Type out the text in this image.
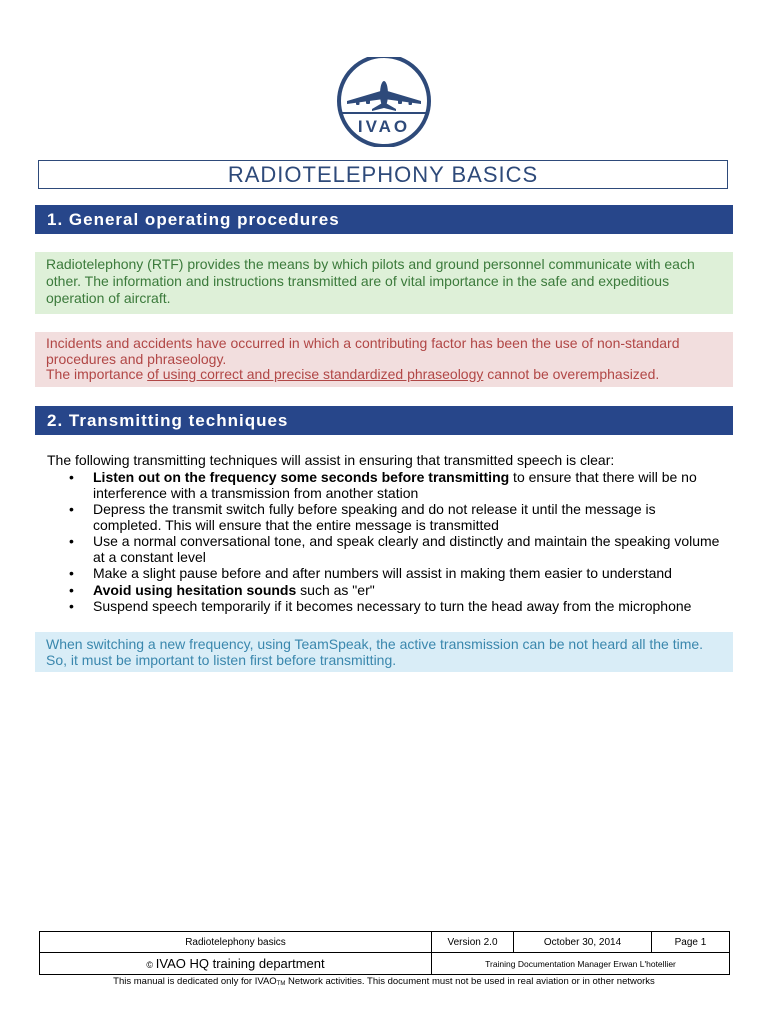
IVAO
RADIOTELEPHONY BASICS
1. General operating procedures
Radiotelephony (RTF) provides the means by which pilots and ground personnel communicate with each other. The information and instructions transmitted are of vital importance in the safe and expeditious operation of aircraft.
Incidents and accidents have occurred in which a contributing factor has been the use of non-standard procedures and phraseology.
The importance of using correct and precise standardized phraseology cannot be overemphasized.
2. Transmitting techniques
The following transmitting techniques will assist in ensuring that transmitted speech is clear:
• Listen out on the frequency some seconds before transmitting to ensure that there will be no interference with a transmission from another station
• Depress the transmit switch fully before speaking and do not release it until the message is completed. This will ensure that the entire message is transmitted
• Use a normal conversational tone, and speak clearly and distinctly and maintain the speaking volume at a constant level
• Make a slight pause before and after numbers will assist in making them easier to understand
• Avoid using hesitation sounds such as "er"
• Suspend speech temporarily if it becomes necessary to turn the head away from the microphone
When switching a new frequency, using TeamSpeak, the active transmission can be not heard all the time. So, it must be important to listen first before transmitting.
Radiotelephony basics	Version 2.0	October 30, 2014	Page 1
© IVAO HQ training department	Training Documentation Manager Erwan L'hotellier		
This manual is dedicated only for $IVAO_{TM}$ Network activities. This document must not be used in real aviation or in other networks
